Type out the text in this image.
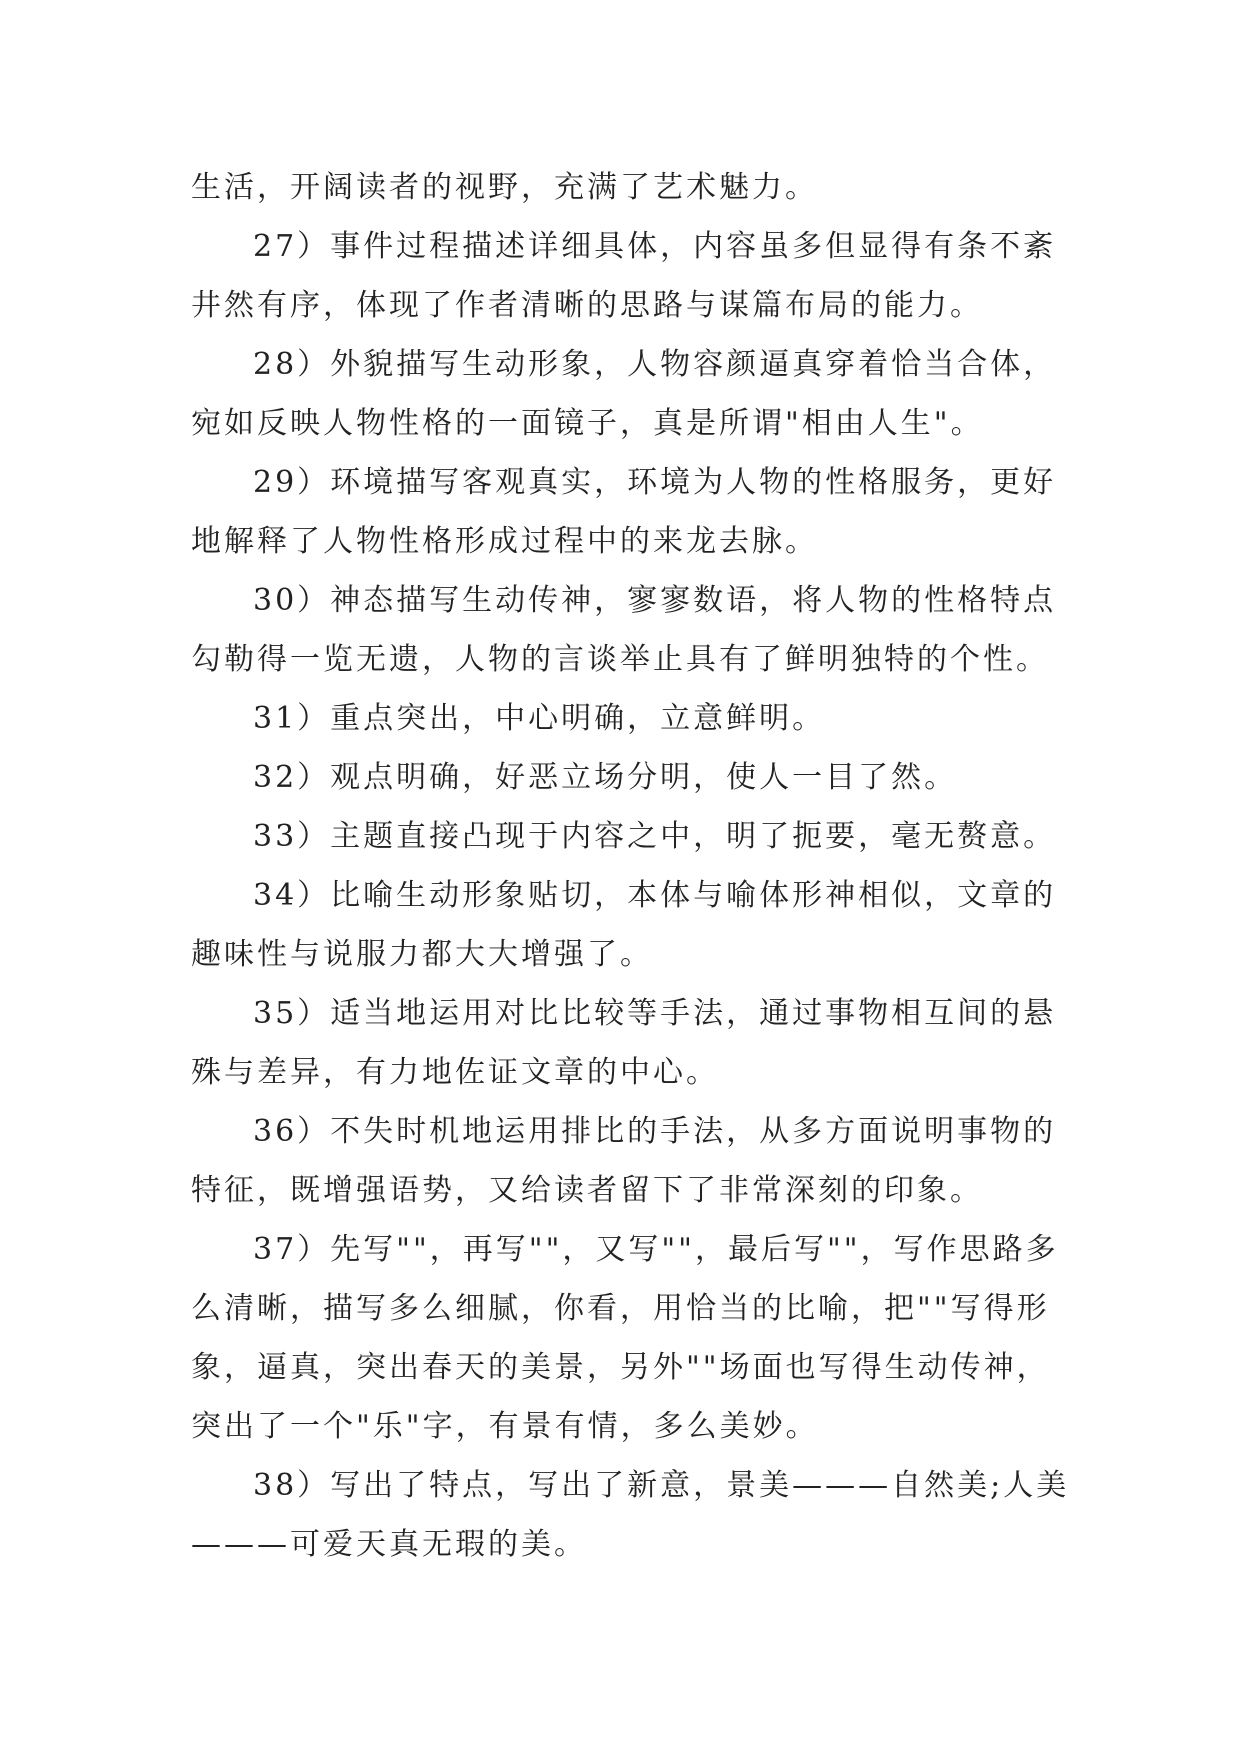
生活，开阔读者的视野，充满了艺术魅力。

27）事件过程描述详细具体，内容虽多但显得有条不紊井然有序，体现了作者清晰的思路与谋篇布局的能力。

28）外貌描写生动形象，人物容颜逼真穿着恰当合体，宛如反映人物性格的一面镜子，真是所谓"相由人生"。

29）环境描写客观真实，环境为人物的性格服务，更好地解释了人物性格形成过程中的来龙去脉。

30）神态描写生动传神，寥寥数语，将人物的性格特点勾勒得一览无遗，人物的言谈举止具有了鲜明独特的个性。

31）重点突出，中心明确，立意鲜明。

32）观点明确，好恶立场分明，使人一目了然。

33）主题直接凸现于内容之中，明了扼要，毫无赘意。

34）比喻生动形象贴切，本体与喻体形神相似，文章的趣味性与说服力都大大增强了。

35）适当地运用对比比较等手法，通过事物相互间的悬殊与差异，有力地佐证文章的中心。

36）不失时机地运用排比的手法，从多方面说明事物的特征，既增强语势，又给读者留下了非常深刻的印象。

37）先写""，再写""，又写""，最后写""，写作思路多么清晰，描写多么细腻，你看，用恰当的比喻，把""写得形象，逼真，突出春天的美景，另外""场面也写得生动传神，突出了一个"乐"字，有景有情，多么美妙。

38）写出了特点，写出了新意，景美———自然美;人美———可爱天真无瑕的美。
